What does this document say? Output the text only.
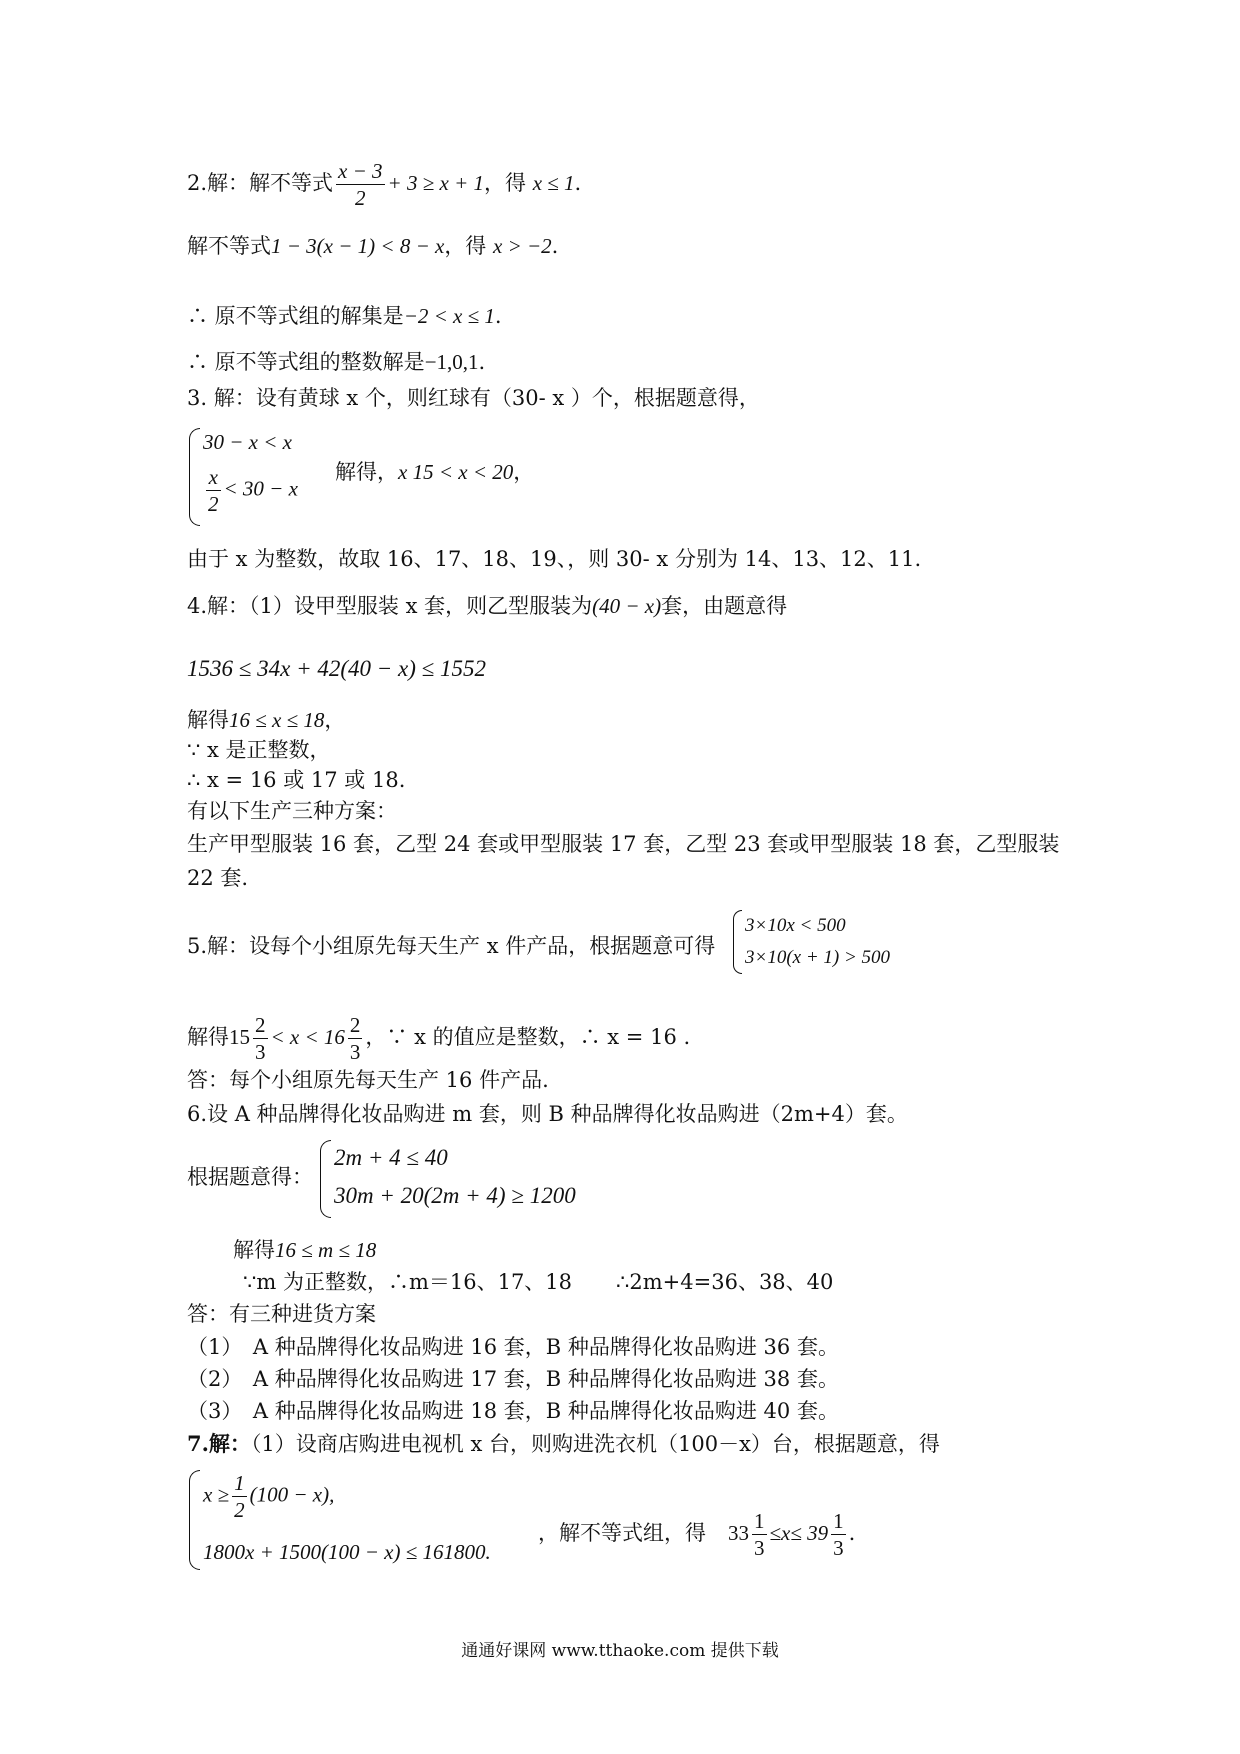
2.解：解不等式 $\frac{x - 3}{2} + 3 \ge x + 1$，得 x ≤ 1.
解不等式1 − 3(x − 1) < 8 − x，得 x > −2.
∴ 原不等式组的解集是−2 < x ≤ 1.
∴ 原不等式组的整数解是−1,0,1.
3. 解：设有黄球 x 个，则红球有（30- x ）个，根据题意得，
30 − x < x
$\frac{x}{2} < 30 - x$
解得，x 15 < x < 20，
由于 x 为整数，故取 16、17、18、19、，则 30- x 分别为 14、13、12、11.
4.解：（1）设甲型服装 x 套，则乙型服装为(40 − x)套，由题意得
1536 ≤ 34x + 42(40 − x) ≤ 1552
解得16 ≤ x ≤ 18，
∵ x 是正整数，
∴ x = 16 或 17 或 18.
有以下生产三种方案：
生产甲型服装 16 套，乙型 24 套或甲型服装 17 套，乙型 23 套或甲型服装 18 套，乙型服装
22 套.
5.解：设每个小组原先每天生产 x 件产品，根据题意可得
3×10x < 500
3×10(x + 1) > 500
解得$15 \frac{2}{3} < x < 16 \frac{2}{3}$ ，∵ x 的值应是整数，∴ x = 16 .
答：每个小组原先每天生产 16 件产品.
6.设 A 种品牌得化妆品购进 m 套，则 B 种品牌得化妆品购进（2m+4）套。
根据题意得：
2m + 4 ≤ 40
30m + 20(2m + 4) ≥ 1200
解得16 ≤ m ≤ 18
∵m 为正整数，∴m＝16、17、18 ∴2m+4=36、38、40
答：有三种进货方案
（1）　A 种品牌得化妆品购进 16 套，B 种品牌得化妆品购进 36 套。
（2）　A 种品牌得化妆品购进 17 套，B 种品牌得化妆品购进 38 套。
（3）　A 种品牌得化妆品购进 18 套，B 种品牌得化妆品购进 40 套。
7.解：（1）设商店购进电视机 x 台，则购进洗衣机（100－x）台，根据题意，得
$x \ge \frac{1}{2} (100 - x)$,
1800x + 1500(100 − x) ≤ 161800.
，解不等式组，得 $33 \frac{1}{3} \le x\le 39 \frac{1}{3}$ .
通通好课网 www.tthaoke.com 提供下载
